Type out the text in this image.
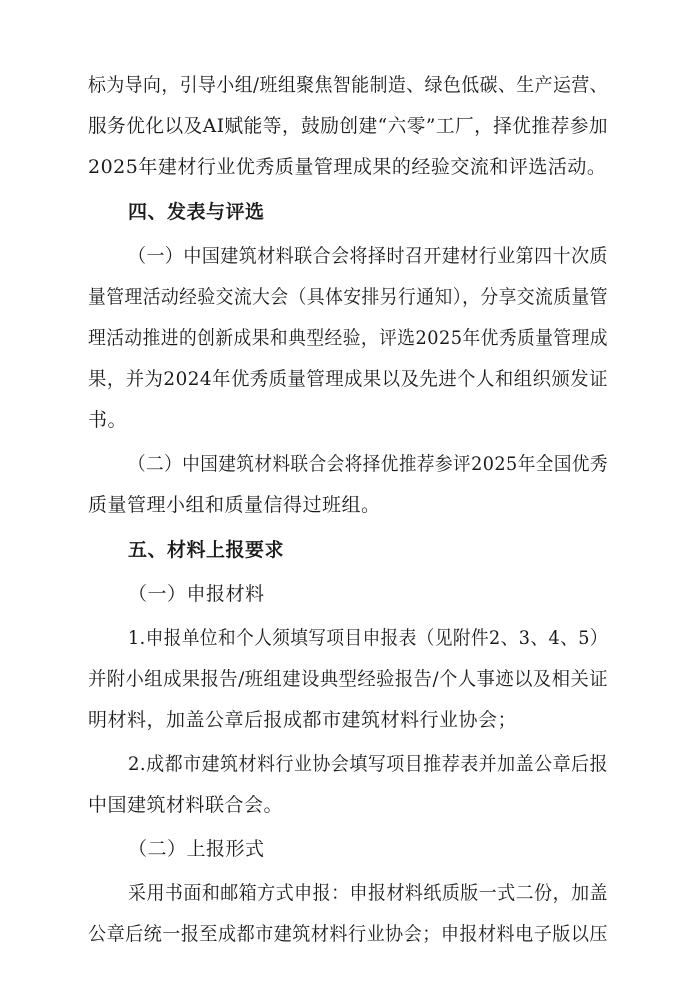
标为导向，引导小组/班组聚焦智能制造、绿色低碳、生产运营、
服务优化以及AI赋能等，鼓励创建“六零”工厂，择优推荐参加
2025年建材行业优秀质量管理成果的经验交流和评选活动。
四、发表与评选
（一）中国建筑材料联合会将择时召开建材行业第四十次质
量管理活动经验交流大会（具体安排另行通知），分享交流质量管
理活动推进的创新成果和典型经验，评选2025年优秀质量管理成
果，并为2024年优秀质量管理成果以及先进个人和组织颁发证
书。
（二）中国建筑材料联合会将择优推荐参评2025年全国优秀
质量管理小组和质量信得过班组。
五、材料上报要求
（一）申报材料
1.申报单位和个人须填写项目申报表（见附件2、3、4、5）
并附小组成果报告/班组建设典型经验报告/个人事迹以及相关证
明材料，加盖公章后报成都市建筑材料行业协会；
2.成都市建筑材料行业协会填写项目推荐表并加盖公章后报
中国建筑材料联合会。
（二）上报形式
采用书面和邮箱方式申报：申报材料纸质版一式二份，加盖
公章后统一报至成都市建筑材料行业协会；申报材料电子版以压
